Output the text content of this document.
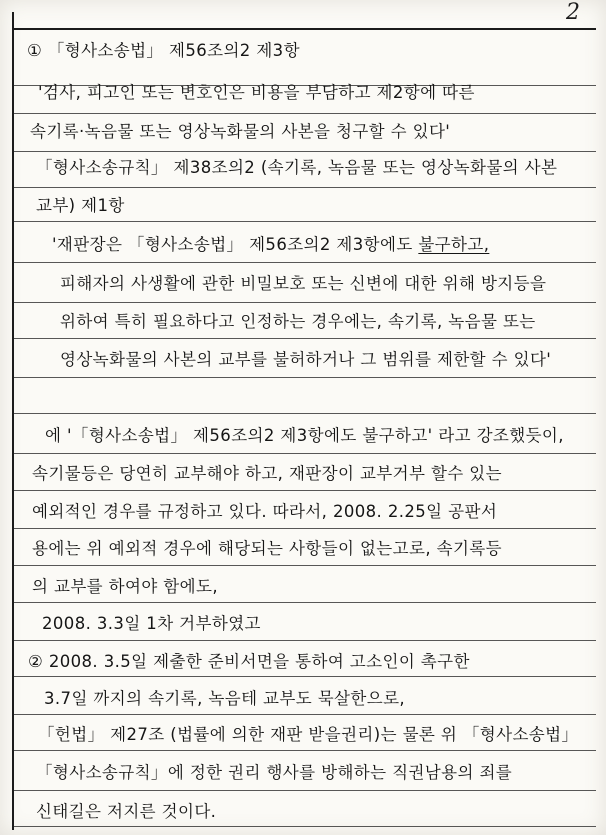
2
① 「형사소송법」 제56조의2 제3항
'검사, 피고인 또는 변호인은 비용을 부담하고 제2항에 따른
속기록·녹음물 또는 영상녹화물의 사본을 청구할 수 있다'
「형사소송규칙」 제38조의2 (속기록, 녹음물 또는 영상녹화물의 사본
교부) 제1항
'재판장은 「형사소송법」 제56조의2 제3항에도 불구하고,
피해자의 사생활에 관한 비밀보호 또는 신변에 대한 위해 방지등을
위하여 특히 필요하다고 인정하는 경우에는, 속기록, 녹음물 또는
영상녹화물의 사본의 교부를 불허하거나 그 범위를 제한할 수 있다'
에 '「형사소송법」 제56조의2 제3항에도 불구하고' 라고 강조했듯이,
속기물등은 당연히 교부해야 하고, 재판장이 교부거부 할수 있는
예외적인 경우를 규정하고 있다. 따라서, 2008. 2.25일 공판서
용에는 위 예외적 경우에 해당되는 사항들이 없는고로, 속기록등
의 교부를 하여야 함에도,
2008. 3.3일 1차 거부하였고
② 2008. 3.5일 제출한 준비서면을 통하여 고소인이 촉구한
3.7일 까지의 속기록, 녹음테 교부도 묵살한으로,
「헌법」 제27조 (법률에 의한 재판 받을권리)는 물론 위 「형사소송법」
「형사소송규칙」에 정한 권리 행사를 방해하는 직권남용의 죄를
신태길은 저지른 것이다.
